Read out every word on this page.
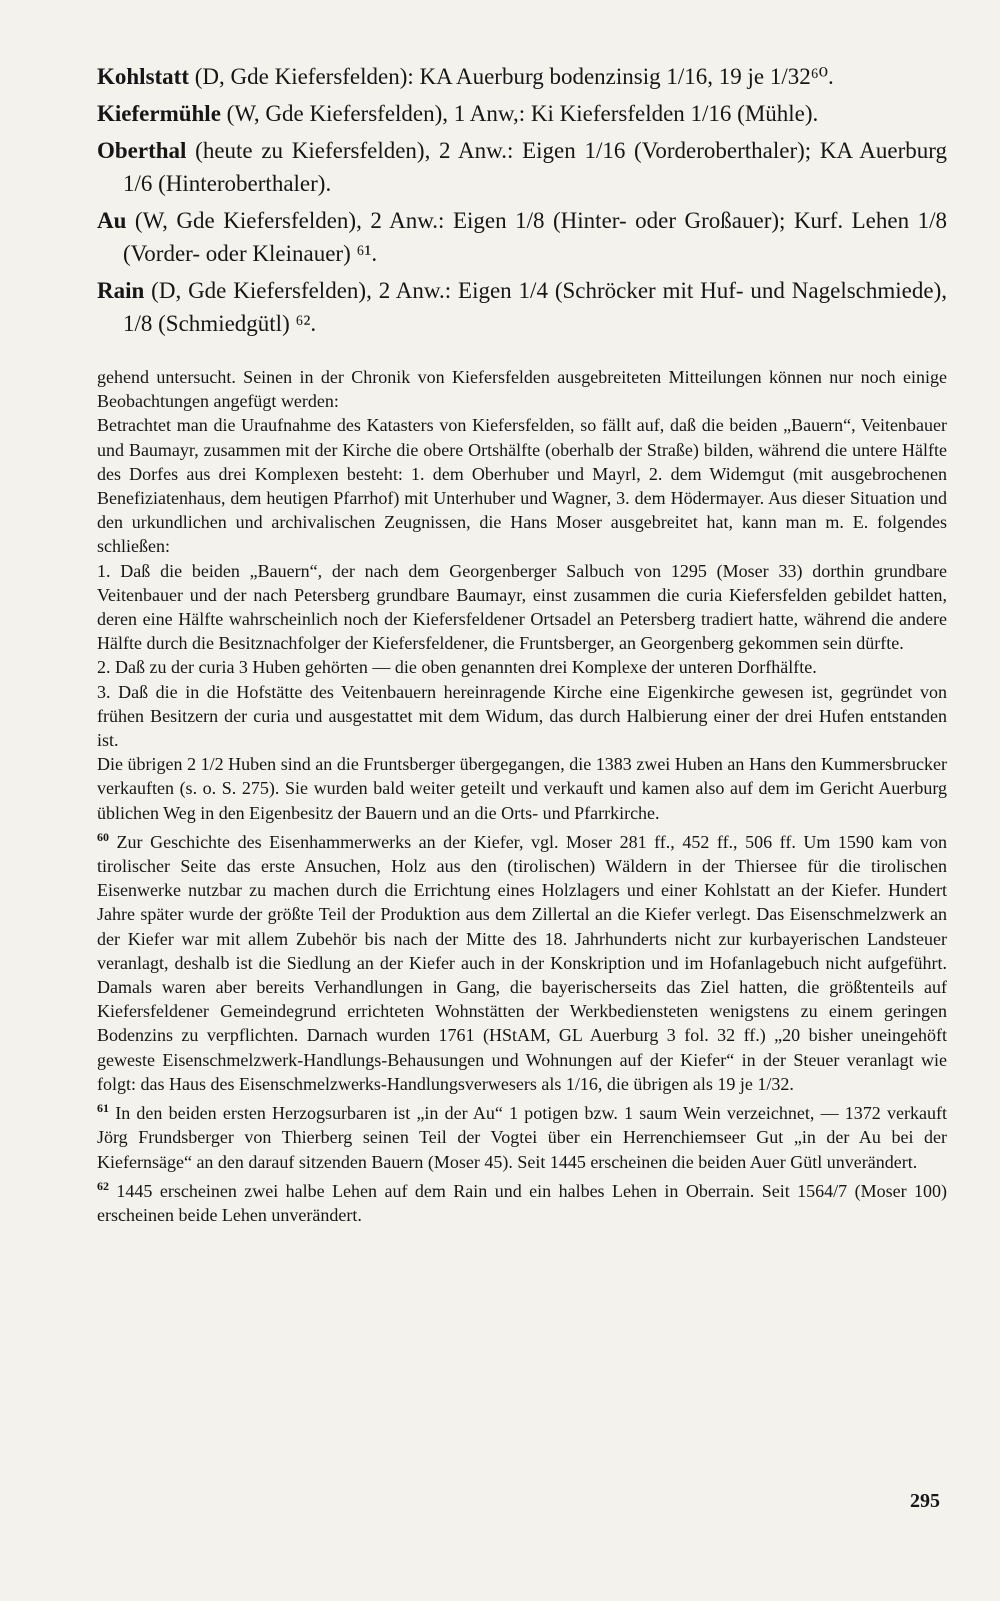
Kohlstatt (D, Gde Kiefersfelden): KA Auerburg bodenzinsig 1/16, 19 je 1/32⁶⁰.

Kiefermühle (W, Gde Kiefersfelden), 1 Anw,: Ki Kiefersfelden 1/16 (Mühle).

Oberthal (heute zu Kiefersfelden), 2 Anw.: Eigen 1/16 (Vorderoberthaler); KA Auerburg 1/6 (Hinteroberthaler).

Au (W, Gde Kiefersfelden), 2 Anw.: Eigen 1/8 (Hinter- oder Großauer); Kurf. Lehen 1/8 (Vorder- oder Kleinauer) ⁶¹.

Rain (D, Gde Kiefersfelden), 2 Anw.: Eigen 1/4 (Schröcker mit Huf- und Nagelschmiede), 1/8 (Schmiedgütl) ⁶².

gehend untersucht. Seinen in der Chronik von Kiefersfelden ausgebreiteten Mitteilungen können nur noch einige Beobachtungen angefügt werden:

Betrachtet man die Uraufnahme des Katasters von Kiefersfelden, so fällt auf, daß die beiden „Bauern“, Veitenbauer und Baumayr, zusammen mit der Kirche die obere Ortshälfte (oberhalb der Straße) bilden, während die untere Hälfte des Dorfes aus drei Komplexen besteht: 1. dem Oberhuber und Mayrl, 2. dem Widemgut (mit ausgebrochenen Benefiziatenhaus, dem heutigen Pfarrhof) mit Unterhuber und Wagner, 3. dem Hödermayer. Aus dieser Situation und den urkundlichen und archivalischen Zeugnissen, die Hans Moser ausgebreitet hat, kann man m. E. folgendes schließen:

1. Daß die beiden „Bauern“, der nach dem Georgenberger Salbuch von 1295 (Moser 33) dorthin grundbare Veitenbauer und der nach Petersberg grundbare Baumayr, einst zusammen die curia Kiefersfelden gebildet hatten, deren eine Hälfte wahrscheinlich noch der Kiefersfeldener Ortsadel an Petersberg tradiert hatte, während die andere Hälfte durch die Besitznachfolger der Kiefersfeldener, die Fruntsberger, an Georgenberg gekommen sein dürfte.

2. Daß zu der curia 3 Huben gehörten — die oben genannten drei Komplexe der unteren Dorfhälfte.

3. Daß die in die Hofstätte des Veitenbauern hereinragende Kirche eine Eigenkirche gewesen ist, gegründet von frühen Besitzern der curia und ausgestattet mit dem Widum, das durch Halbierung einer der drei Hufen entstanden ist.

Die übrigen 2 1/2 Huben sind an die Fruntsberger übergegangen, die 1383 zwei Huben an Hans den Kummersbrucker verkauften (s. o. S. 275). Sie wurden bald weiter geteilt und verkauft und kamen also auf dem im Gericht Auerburg üblichen Weg in den Eigenbesitz der Bauern und an die Orts- und Pfarrkirche.

$^{60}$ Zur Geschichte des Eisenhammerwerks an der Kiefer, vgl. Moser 281 ff., 452 ff., 506 ff. Um 1590 kam von tirolischer Seite das erste Ansuchen, Holz aus den (tirolischen) Wäldern in der Thiersee für die tirolischen Eisenwerke nutzbar zu machen durch die Errichtung eines Holzlagers und einer Kohlstatt an der Kiefer. Hundert Jahre später wurde der größte Teil der Produktion aus dem Zillertal an die Kiefer verlegt. Das Eisenschmelzwerk an der Kiefer war mit allem Zubehör bis nach der Mitte des 18. Jahrhunderts nicht zur kurbayerischen Landsteuer veranlagt, deshalb ist die Siedlung an der Kiefer auch in der Konskription und im Hofanlagebuch nicht aufgeführt. Damals waren aber bereits Verhandlungen in Gang, die bayerischerseits das Ziel hatten, die größtenteils auf Kiefersfeldener Gemeindegrund errichteten Wohnstätten der Werkbediensteten wenigstens zu einem geringen Bodenzins zu verpflichten. Darnach wurden 1761 (HStAM, GL Auerburg 3 fol. 32 ff.) „20 bisher uneingehöft geweste Eisenschmelzwerk-Handlungs-Behausungen und Wohnungen auf der Kiefer“ in der Steuer veranlagt wie folgt: das Haus des Eisenschmelzwerks-Handlungsverwesers als 1/16, die übrigen als 19 je 1/32.

$^{61}$ In den beiden ersten Herzogsurbaren ist „in der Au“ 1 potigen bzw. 1 saum Wein verzeichnet, — 1372 verkauft Jörg Frundsberger von Thierberg seinen Teil der Vogtei über ein Herrenchiemseer Gut „in der Au bei der Kiefernsäge“ an den darauf sitzenden Bauern (Moser 45). Seit 1445 erscheinen die beiden Auer Gütl unverändert.

$^{62}$ 1445 erscheinen zwei halbe Lehen auf dem Rain und ein halbes Lehen in Oberrain. Seit 1564/7 (Moser 100) erscheinen beide Lehen unverändert.

295
